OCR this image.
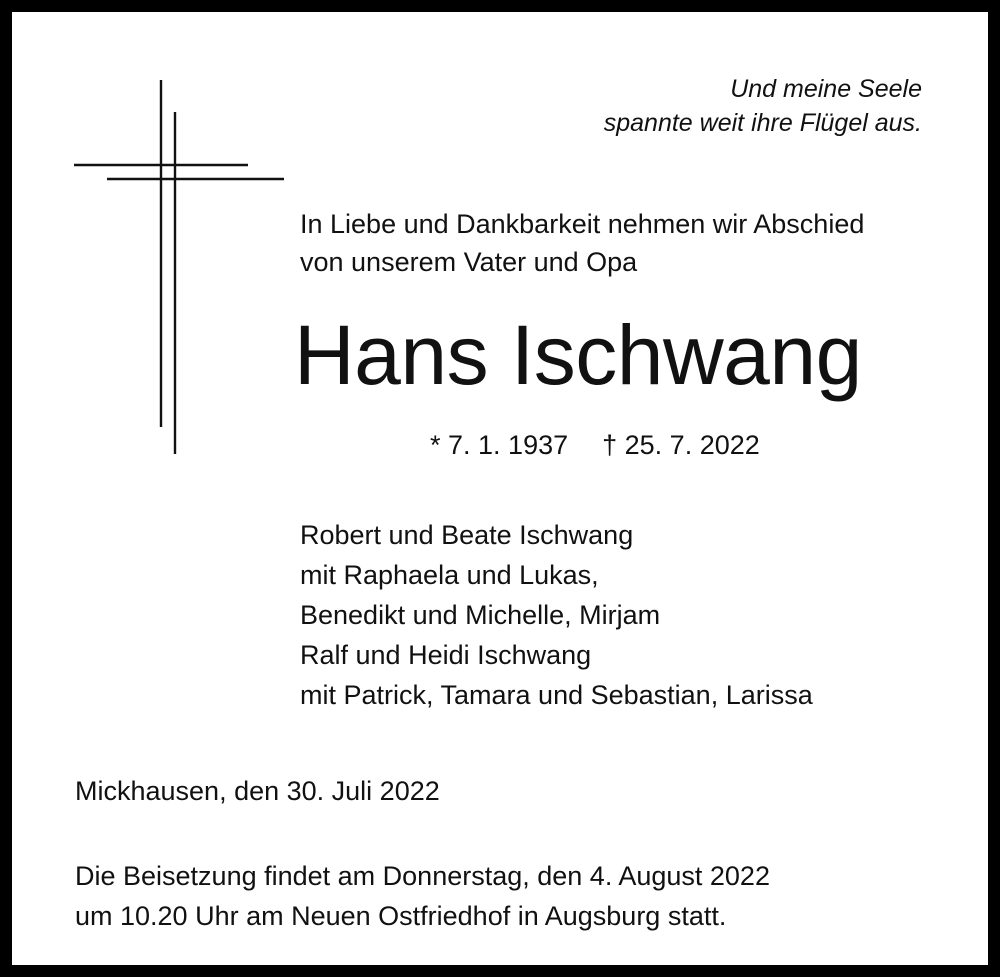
Und meine Seele
spannte weit ihre Flügel aus.

In Liebe und Dankbarkeit nehmen wir Abschied
von unserem Vater und Opa

Hans Ischwang
* 7. 1. 1937 † 25. 7. 2022
Robert und Beate Ischwang
mit Raphaela und Lukas,
Benedikt und Michelle, Mirjam
Ralf und Heidi Ischwang
mit Patrick, Tamara und Sebastian, Larissa
Mickhausen, den 30. Juli 2022

Die Beisetzung findet am Donnerstag, den 4. August 2022
um 10.20 Uhr am Neuen Ostfriedhof in Augsburg statt.
